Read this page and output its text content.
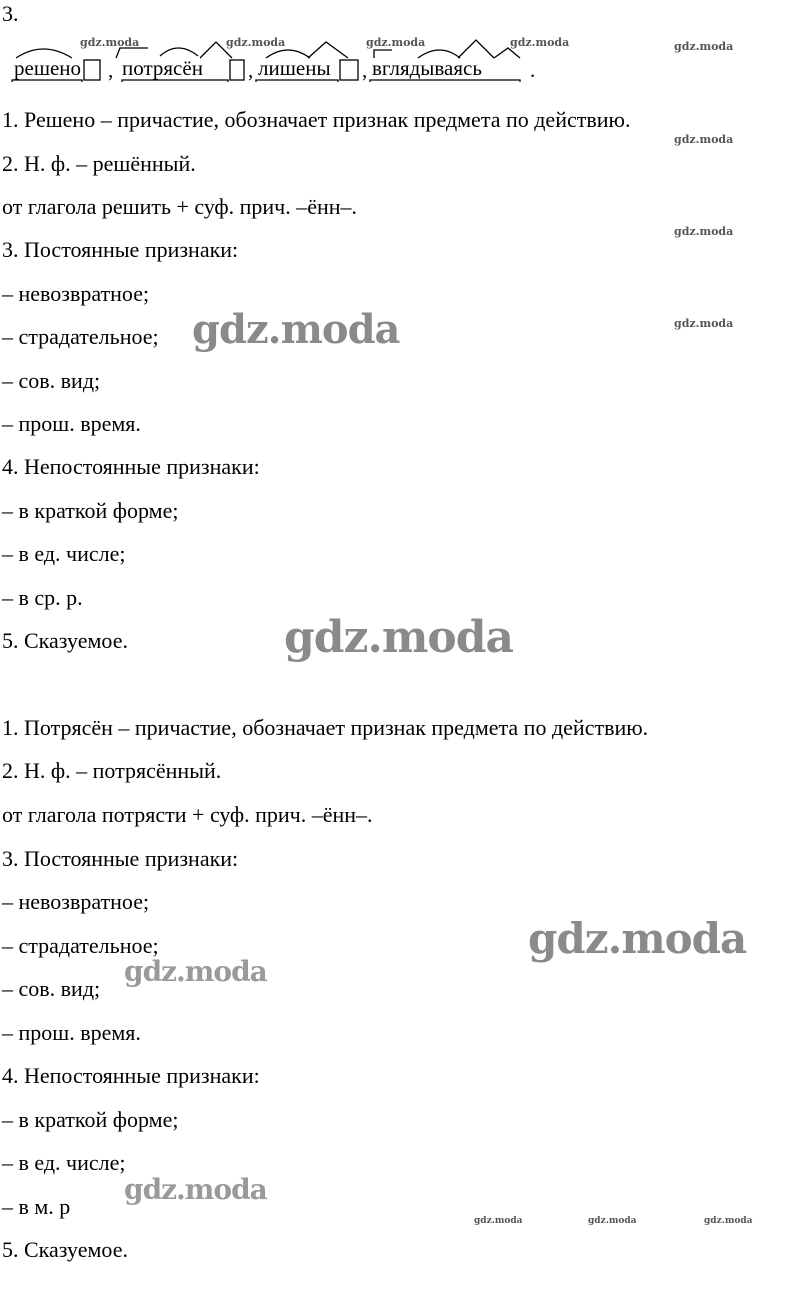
3.
решено , потрясён , лишены , вглядываясь .
1. Решено – причастие, обозначает признак предмета по действию.
2. Н. ф. – решённый.
от глагола решить + суф. прич. –ённ–.
3. Постоянные признаки:
– невозвратное;
– страдательное;
– сов. вид;
– прош. время.
4. Непостоянные признаки:
– в краткой форме;
– в ед. числе;
– в ср. р.
5. Сказуемое.
1. Потрясён – причастие, обозначает признак предмета по действию.
2. Н. ф. – потрясённый.
от глагола потрясти + суф. прич. –ённ–.
3. Постоянные признаки:
– невозвратное;
– страдательное;
– сов. вид;
– прош. время.
4. Непостоянные признаки:
– в краткой форме;
– в ед. числе;
– в м. р
5. Сказуемое.
gdz.moda	gdz.moda	gdz.moda	gdz.moda	gdz.moda
gdz.moda
gdz.moda
gdz.moda
gdz.moda	gdz.moda	gdz.moda
gdz.moda
gdz.moda
gdz.moda
gdz.moda
gdz.moda
